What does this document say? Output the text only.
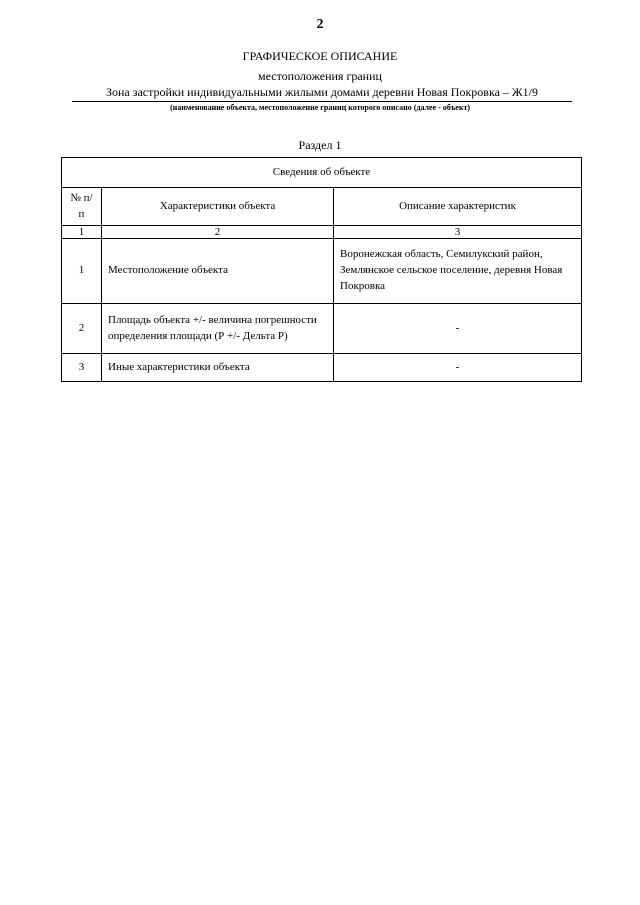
2
ГРАФИЧЕСКОЕ ОПИСАНИЕ
местоположения границ
Зона застройки индивидуальными жилыми домами деревни Новая Покровка – Ж1/9
(наименование объекта, местоположение границ которого описано (далее - объект)
Раздел 1
Сведения об объекте		
№ п/п	Характеристики объекта	Описание характеристик
1	2	3
1	Местоположение объекта	Воронежская область, Семилукский район, Землянское сельское поселение, деревня Новая Покровка
2	Площадь объекта +/- величина погрешности определения площади (Р +/- Дельта Р)	-
3	Иные характеристики объекта	-
